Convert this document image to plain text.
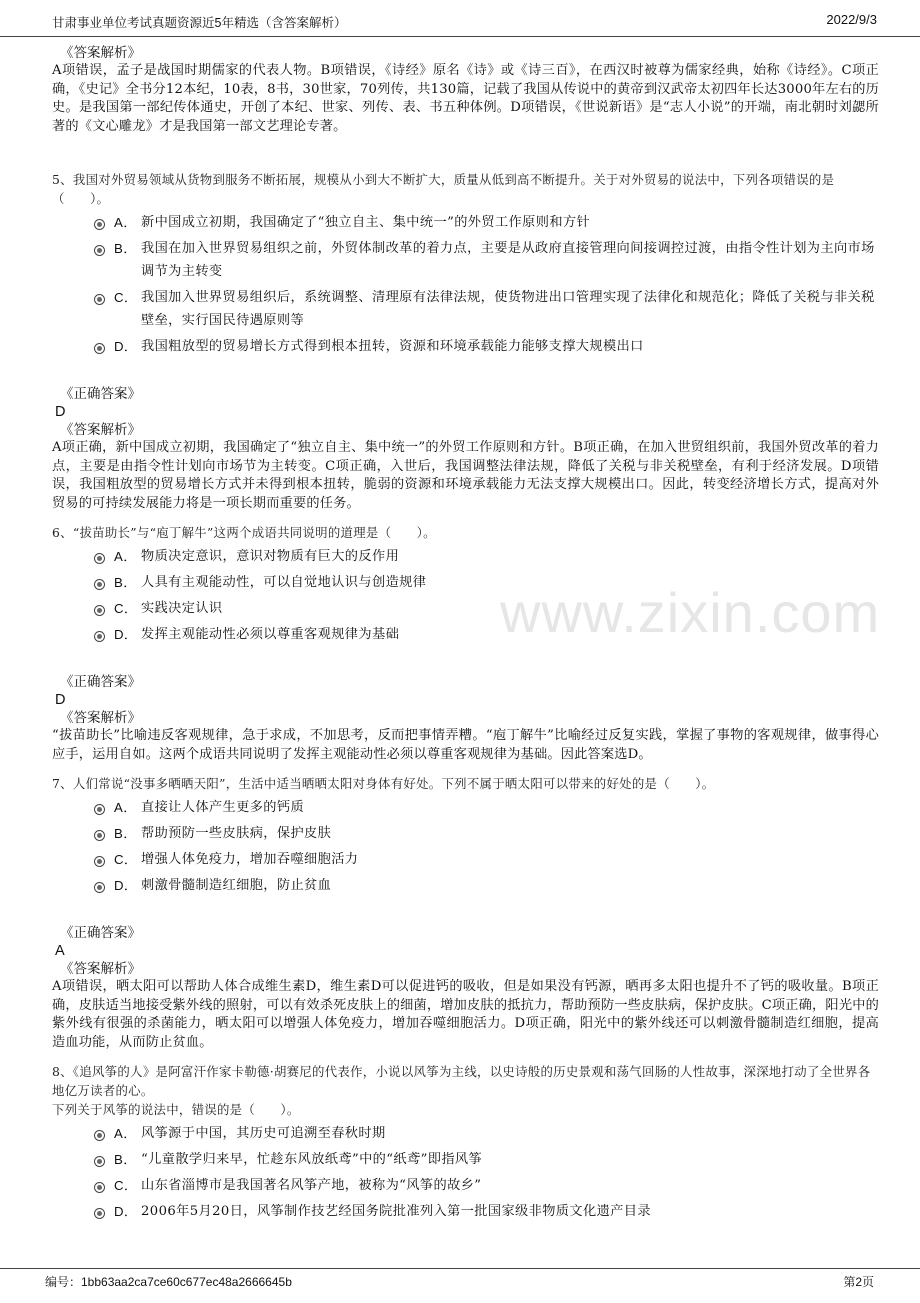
甘肃事业单位考试真题资源近5年精选（含答案解析）	2022/9/3
www.zixin.com
《答案解析》
A项错误，孟子是战国时期儒家的代表人物。B项错误，《诗经》原名《诗》或《诗三百》，在西汉时被尊为儒家经典，始称《诗经》。C项正确，《史记》全书分12本纪，10表，8书，30世家，70列传，共130篇，记载了我国从传说中的黄帝到汉武帝太初四年长达3000年左右的历史。是我国第一部纪传体通史，开创了本纪、世家、列传、表、书五种体例。D项错误，《世说新语》是“志人小说”的开端，南北朝时刘勰所著的《文心雕龙》才是我国第一部文艺理论专著。
5、我国对外贸易领域从货物到服务不断拓展，规模从小到大不断扩大，质量从低到高不断提升。关于对外贸易的说法中，下列各项错误的是（　　）。
A． 新中国成立初期，我国确定了“独立自主、集中统一”的外贸工作原则和方针
B． 我国在加入世界贸易组织之前，外贸体制改革的着力点，主要是从政府直接管理向间接调控过渡，由指令性计划为主向市场调节为主转变
C． 我国加入世界贸易组织后，系统调整、清理原有法律法规，使货物进出口管理实现了法律化和规范化；降低了关税与非关税壁垒，实行国民待遇原则等
D． 我国粗放型的贸易增长方式得到根本扭转，资源和环境承载能力能够支撑大规模出口
《正确答案》
D
《答案解析》
A项正确，新中国成立初期，我国确定了“独立自主、集中统一”的外贸工作原则和方针。B项正确，在加入世贸组织前，我国外贸改革的着力点，主要是由指令性计划向市场节为主转变。C项正确，入世后，我国调整法律法规，降低了关税与非关税壁垒，有利于经济发展。D项错误，我国粗放型的贸易增长方式并未得到根本扭转，脆弱的资源和环境承载能力无法支撑大规模出口。因此，转变经济增长方式，提高对外贸易的可持续发展能力将是一项长期而重要的任务。
6、“拔苗助长”与“庖丁解牛”这两个成语共同说明的道理是（　　）。
A． 物质决定意识，意识对物质有巨大的反作用
B． 人具有主观能动性，可以自觉地认识与创造规律
C． 实践决定认识
D． 发挥主观能动性必须以尊重客观规律为基础
《正确答案》
D
《答案解析》
“拔苗助长”比喻违反客观规律，急于求成，不加思考，反而把事情弄糟。“庖丁解牛”比喻经过反复实践，掌握了事物的客观规律，做事得心应手，运用自如。这两个成语共同说明了发挥主观能动性必须以尊重客观规律为基础。因此答案选D。
7、人们常说“没事多晒晒天阳”，生活中适当晒晒太阳对身体有好处。下列不属于晒太阳可以带来的好处的是（　　）。
A． 直接让人体产生更多的钙质
B． 帮助预防一些皮肤病，保护皮肤
C． 增强人体免疫力，增加吞噬细胞活力
D． 刺激骨髓制造红细胞，防止贫血
《正确答案》
A
《答案解析》
A项错误，晒太阳可以帮助人体合成维生素D，维生素D可以促进钙的吸收，但是如果没有钙源，晒再多太阳也提升不了钙的吸收量。B项正确，皮肤适当地接受紫外线的照射，可以有效杀死皮肤上的细菌，增加皮肤的抵抗力，帮助预防一些皮肤病，保护皮肤。C项正确，阳光中的紫外线有很强的杀菌能力，晒太阳可以增强人体免疫力，增加吞噬细胞活力。D项正确，阳光中的紫外线还可以刺激骨髓制造红细胞，提高造血功能，从而防止贫血。
8、《追风筝的人》是阿富汗作家卡勒德·胡赛尼的代表作，小说以风筝为主线，以史诗般的历史景观和荡气回肠的人性故事，深深地打动了全世界各地亿万读者的心。
下列关于风筝的说法中，错误的是（　　）。
A． 风筝源于中国，其历史可追溯至春秋时期
B． “儿童散学归来早，忙趁东风放纸鸢”中的“纸鸢”即指风筝
C． 山东省淄博市是我国著名风筝产地，被称为“风筝的故乡”
D． 2006年5月20日，风筝制作技艺经国务院批准列入第一批国家级非物质文化遗产目录
编号：1bb63aa2ca7ce60c677ec48a2666645b	第2页
